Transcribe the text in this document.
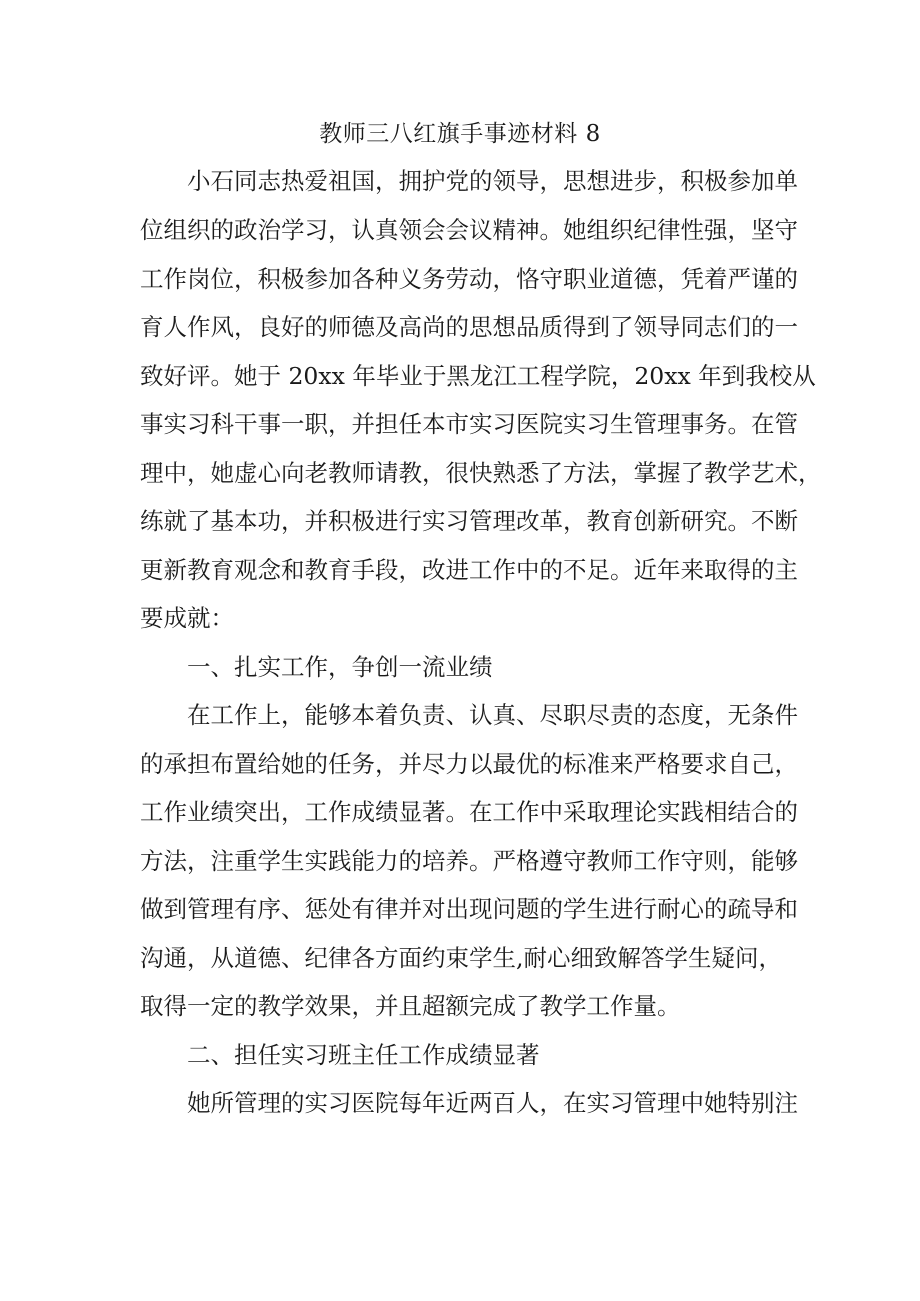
教师三八红旗手事迹材料 8

小石同志热爱祖国，拥护党的领导，思想进步，积极参加单

位组织的政治学习，认真领会会议精神。她组织纪律性强，坚守

工作岗位，积极参加各种义务劳动，恪守职业道德，凭着严谨的

育人作风，良好的师德及高尚的思想品质得到了领导同志们的一

致好评。她于 20xx 年毕业于黑龙江工程学院，20xx 年到我校从

事实习科干事一职，并担任本市实习医院实习生管理事务。在管

理中，她虚心向老教师请教，很快熟悉了方法，掌握了教学艺术，

练就了基本功，并积极进行实习管理改革，教育创新研究。不断

更新教育观念和教育手段，改进工作中的不足。近年来取得的主

要成就：

一、扎实工作，争创一流业绩

在工作上，能够本着负责、认真、尽职尽责的态度，无条件

的承担布置给她的任务，并尽力以最优的标准来严格要求自己，

工作业绩突出，工作成绩显著。在工作中采取理论实践相结合的

方法，注重学生实践能力的培养。严格遵守教师工作守则，能够

做到管理有序、惩处有律并对出现问题的学生进行耐心的疏导和

沟通，从道德、纪律各方面约束学生,耐心细致解答学生疑问，

取得一定的教学效果，并且超额完成了教学工作量。

二、担任实习班主任工作成绩显著

她所管理的实习医院每年近两百人，在实习管理中她特别注
